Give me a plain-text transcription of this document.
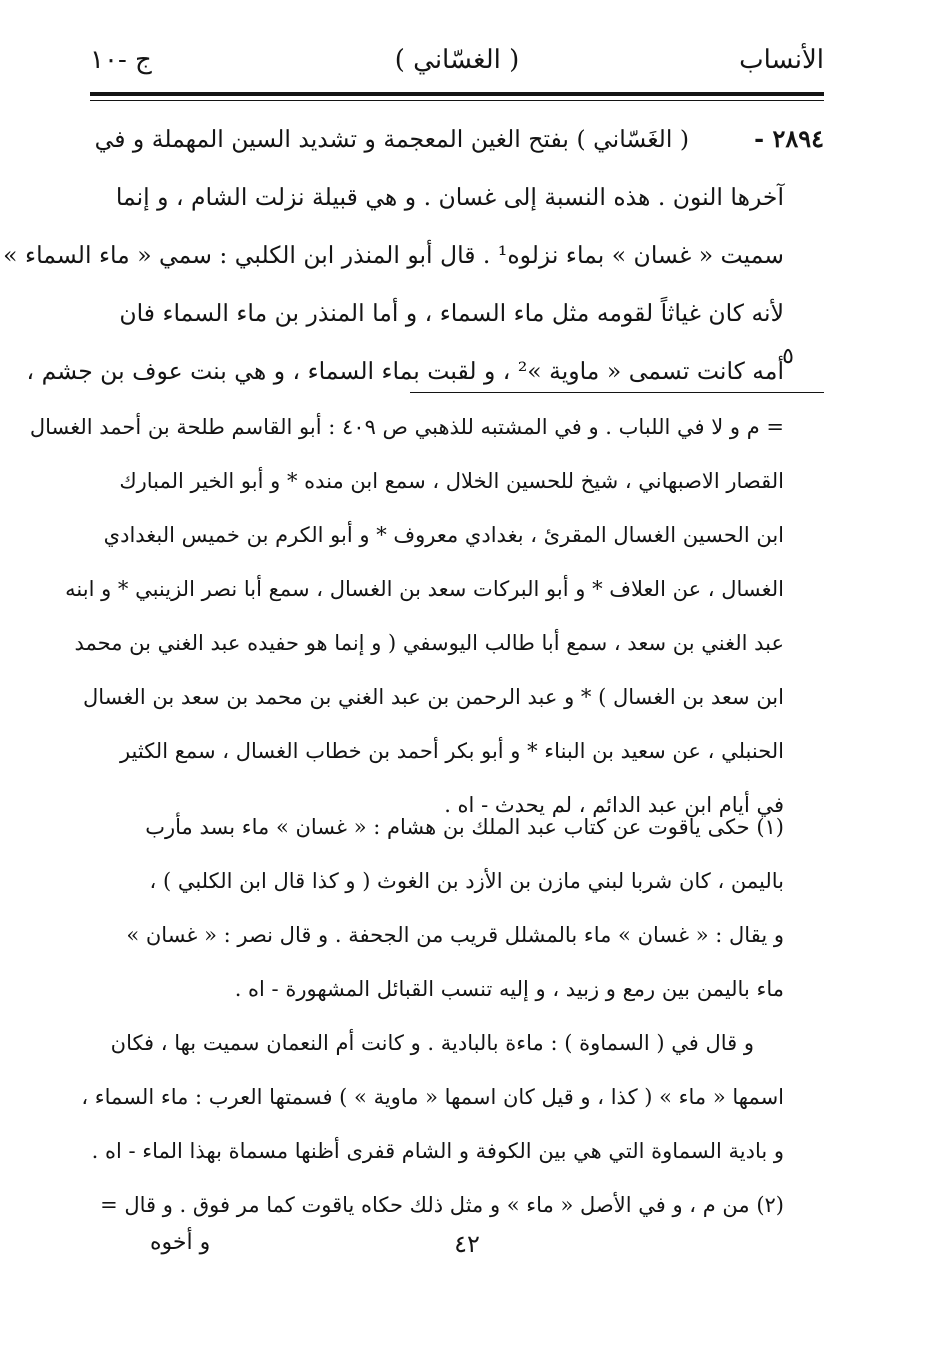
الأنساب
( الغسّاني )
ج -١٠
٢٨٩٤ -
٥
( الغَسّاني ) بفتح الغين المعجمة و تشديد السين المهملة و في
آخرها النون . هذه النسبة إلى غسان . و هي قبيلة نزلت الشام ، و إنما
سميت « غسان » بماء نزلوه¹ . قال أبو المنذر ابن الكلبي : سمي « ماء السماء »
لأنه كان غياثاً لقومه مثل ماء السماء ، و أما المنذر بن ماء السماء فان
أمه كانت تسمى « ماوية »² ، و لقبت بماء السماء ، و هي بنت عوف بن جشم ،
= م و لا في اللباب . و في المشتبه للذهبي ص ٤٠٩ : أبو القاسم طلحة بن أحمد الغسال
القصار الاصبهاني ، شيخ للحسين الخلال ، سمع ابن منده * و أبو الخير المبارك
ابن الحسين الغسال المقرئ ، بغدادي معروف * و أبو الكرم بن خميس البغدادي
الغسال ، عن العلاف * و أبو البركات سعد بن الغسال ، سمع أبا نصر الزينبي * و ابنه
عبد الغني بن سعد ، سمع أبا طالب اليوسفي ( و إنما هو حفيده عبد الغني بن محمد
ابن سعد بن الغسال ) * و عبد الرحمن بن عبد الغني بن محمد بن سعد بن الغسال
الحنبلي ، عن سعيد بن البناء * و أبو بكر أحمد بن خطاب الغسال ، سمع الكثير
في أيام ابن عبد الدائم ، لم يحدث - اه .
(١) حكى ياقوت عن كتاب عبد الملك بن هشام : « غسان » ماء بسد مأرب
باليمن ، كان شربا لبني مازن بن الأزد بن الغوث ( و كذا قال ابن الكلبي ) ،
و يقال : « غسان » ماء بالمشلل قريب من الجحفة . و قال نصر : « غسان »
ماء باليمن بين رمع و زبيد ، و إليه تنسب القبائل المشهورة - اه .
و قال في ( السماوة ) : ماءة بالبادية . و كانت أم النعمان سميت بها ، فكان
اسمها « ماء » ( كذا ، و قيل كان اسمها « ماوية » ) فسمتها العرب : ماء السماء ،
و بادية السماوة التي هي بين الكوفة و الشام قفرى أظنها مسماة بهذا الماء - اه .
(٢) من م ، و في الأصل « ماء » و مثل ذلك حكاه ياقوت كما مر فوق . و قال =
٤٢
و أخوه
